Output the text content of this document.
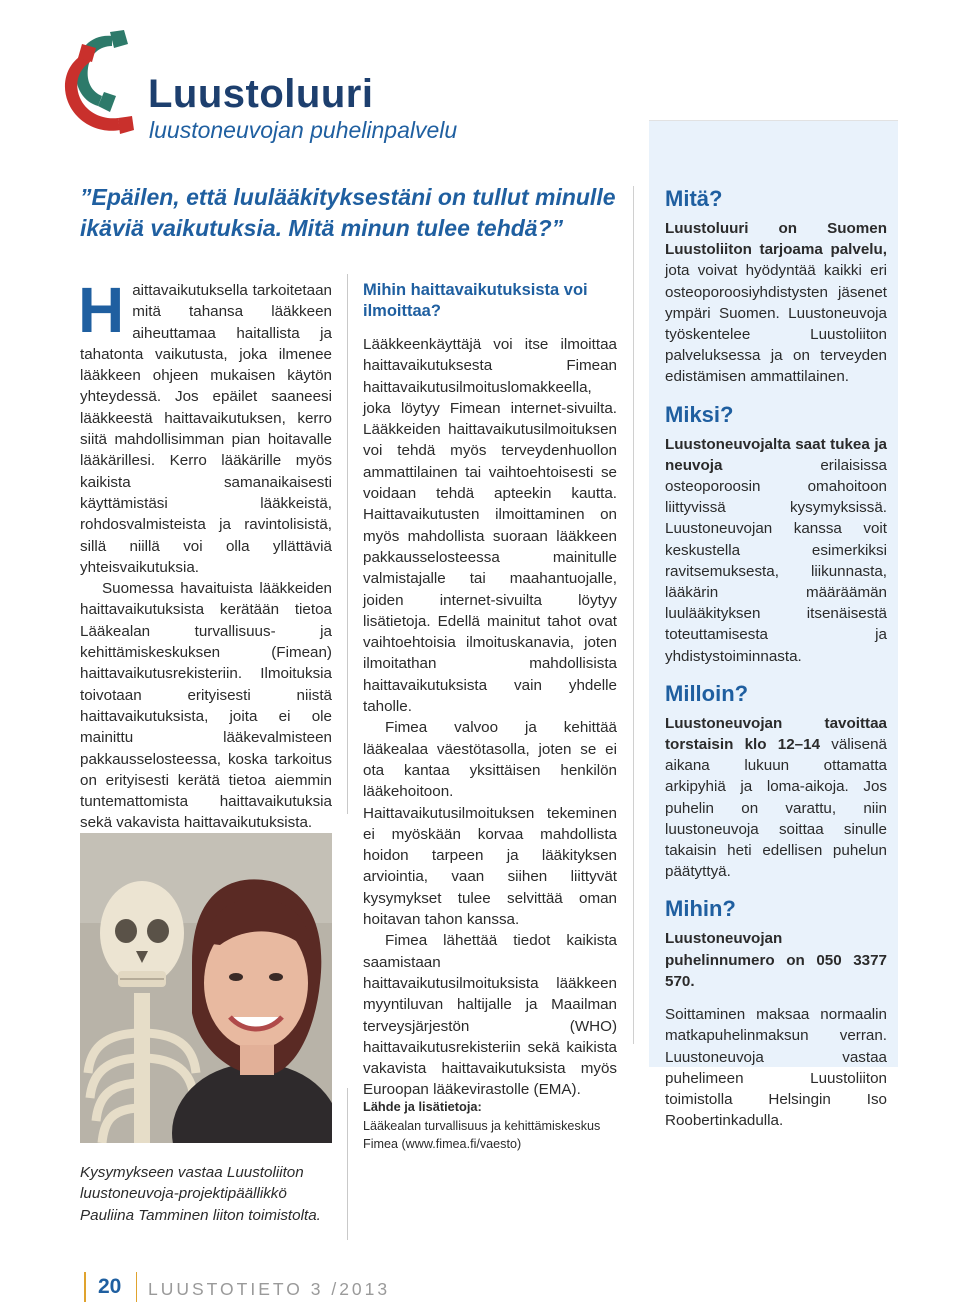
Luustoluuri
luustoneuvojan puhelinpalvelu
”Epäilen, että luulääkityksestäni on tullut minulle ikäviä vaikutuksia. Mitä minun tulee tehdä?”

Haittavaikutuksella tarkoitetaan mitä tahansa lääkkeen aiheuttamaa haitallista ja tahatonta vaikutusta, joka ilmenee lääkkeen ohjeen mukaisen käytön yhteydessä. Jos epäilet saaneesi lääkkeestä haittavaikutuksen, kerro siitä mahdollisimman pian hoitavalle lääkärillesi. Kerro lääkärille myös kaikista samanaikaisesti käyttämistäsi lääkkeistä, rohdosvalmisteista ja ravintolisistä, sillä niillä voi olla yllättäviä yhteisvaikutuksia.

Suomessa havaituista lääkkeiden haittavaikutuksista kerätään tietoa Lääkealan turvallisuus- ja kehittämiskeskuksen (Fimean) haittavaikutusrekisteriin. Ilmoituksia toivotaan erityisesti niistä haittavaikutuksista, joita ei ole mainittu lääkevalmisteen pakkausselosteessa, koska tarkoitus on erityisesti kerätä tietoa aiemmin tuntemattomista haittavaikutuksia sekä vakavista haittavaikutuksista.

Mihin haittavaikutuksista voi ilmoittaa?

Lääkkeenkäyttäjä voi itse ilmoittaa haittavaikutuksesta Fimean haittavaikutusilmoituslomakkeella, joka löytyy Fimean internet-sivuilta. Lääkkeiden haittavaikutusilmoituksen voi tehdä myös terveydenhuollon ammattilainen tai vaihtoehtoisesti se voidaan tehdä apteekin kautta. Haittavaikutusten ilmoittaminen on myös mahdollista suoraan lääkkeen pakkausselosteessa mainitulle valmistajalle tai maahantuojalle, joiden internet-sivuilta löytyy lisätietoja. Edellä mainitut tahot ovat vaihtoehtoisia ilmoituskanavia, joten ilmoitathan mahdollisista haittavaikutuksista vain yhdelle taholle.

Fimea valvoo ja kehittää lääkealaa väestötasolla, joten se ei ota kantaa yksittäisen henkilön lääkehoitoon. Haittavaikutusilmoituksen tekeminen ei myöskään korvaa mahdollista hoidon tarpeen ja lääkityksen arviointia, vaan siihen liittyvät kysymykset tulee selvittää oman hoitavan tahon kanssa.

Fimea lähettää tiedot kaikista saamistaan haittavaikutusilmoituksista lääkkeen myyntiluvan haltijalle ja Maailman terveysjärjestön (WHO) haittavaikutusrekisteriin sekä kaikista vakavista haittavaikutuksista myös Euroopan lääkevirastolle (EMA).

Mitä?

Luustoluuri on Suomen Luustoliiton tarjoama palvelu, jota voivat hyödyntää kaikki eri osteoporoosiyhdistysten jäsenet ympäri Suomen. Luustoneuvoja työskentelee Luustoliiton palveluksessa ja on terveyden edistämisen ammattilainen.

Miksi?

Luustoneuvojalta saat tukea ja neuvoja erilaisissa osteoporoosin omahoitoon liittyvissä kysymyksissä. Luustoneuvojan kanssa voit keskustella esimerkiksi ravitsemuksesta, liikunnasta, lääkärin määräämän luulääkityksen itsenäisestä toteuttamisesta ja yhdistystoiminnasta.

Milloin?

Luustoneuvojan tavoittaa torstaisin klo 12–14 välisenä aikana lukuun ottamatta arkipyhiä ja loma-aikoja. Jos puhelin on varattu, niin luustoneuvoja soittaa sinulle takaisin heti edellisen puhelun päätyttyä.

Mihin?

Luustoneuvojan puhelinnumero on 050 3377 570.

Soittaminen maksaa normaalin matkapuhelinmaksun verran. Luustoneuvoja vastaa puhelimeen Luustoliiton toimistolla Helsingin Iso Roobertinkadulla.

Kysymykseen vastaa Luustoliiton luustoneuvoja-projektipäällikkö Pauliina Tamminen liiton toimistolta.
Lähde ja lisätietoja:
Lääkealan turvallisuus ja kehittämiskeskus
Fimea (www.fimea.fi/vaesto)
20 LUUSTOTIETO 3 /2013
